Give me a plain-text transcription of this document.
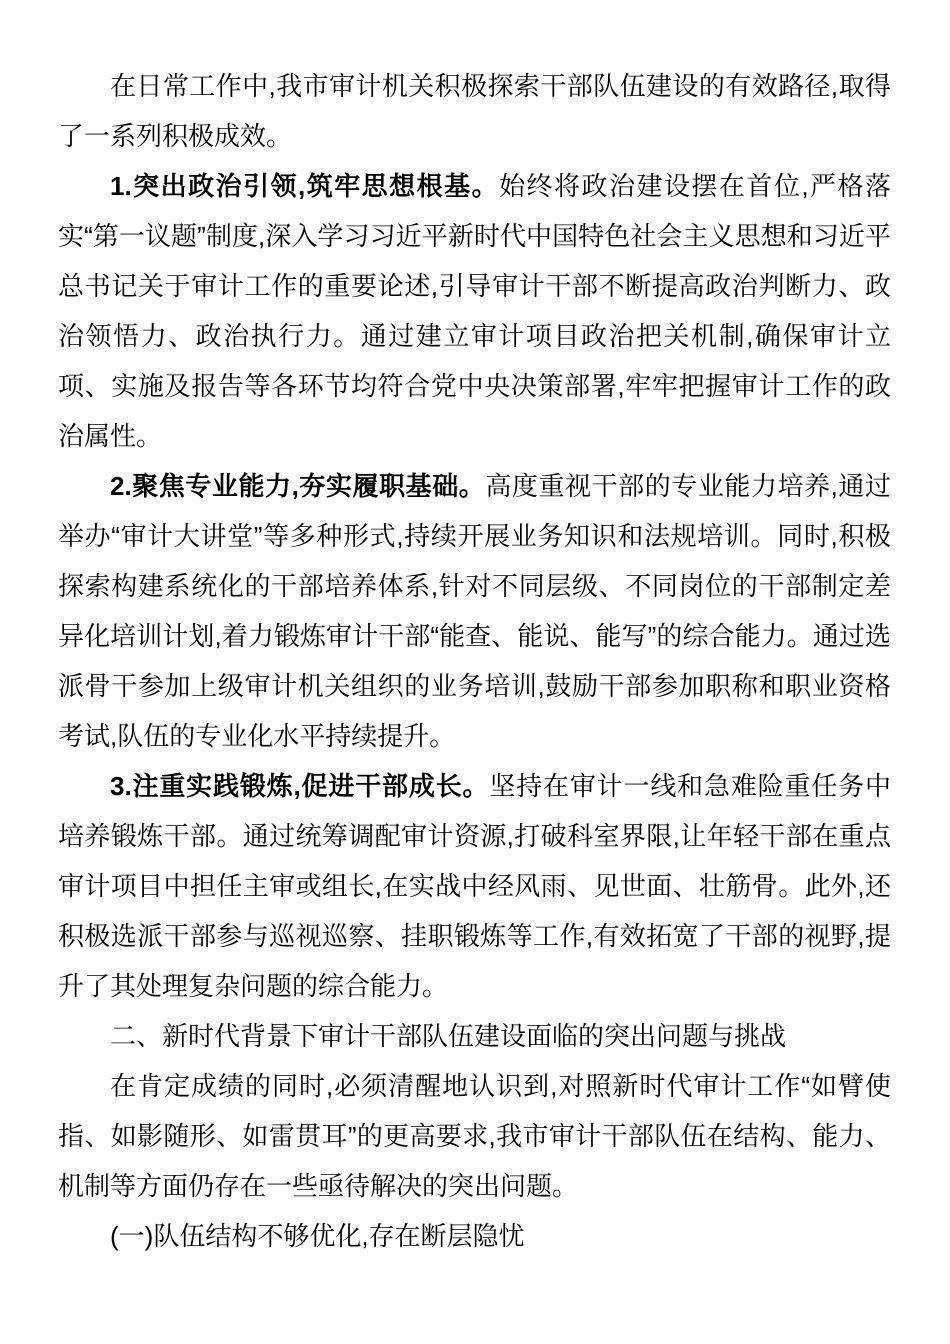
在日常工作中,我市审计机关积极探索干部队伍建设的有效路径,取得了一系列积极成效。

1.突出政治引领,筑牢思想根基。始终将政治建设摆在首位,严格落实“第一议题”制度,深入学习习近平新时代中国特色社会主义思想和习近平总书记关于审计工作的重要论述,引导审计干部不断提高政治判断力、政治领悟力、政治执行力。通过建立审计项目政治把关机制,确保审计立项、实施及报告等各环节均符合党中央决策部署,牢牢把握审计工作的政治属性。

2.聚焦专业能力,夯实履职基础。高度重视干部的专业能力培养,通过举办“审计大讲堂”等多种形式,持续开展业务知识和法规培训。同时,积极探索构建系统化的干部培养体系,针对不同层级、不同岗位的干部制定差异化培训计划,着力锻炼审计干部“能查、能说、能写”的综合能力。通过选派骨干参加上级审计机关组织的业务培训,鼓励干部参加职称和职业资格考试,队伍的专业化水平持续提升。

3.注重实践锻炼,促进干部成长。坚持在审计一线和急难险重任务中培养锻炼干部。通过统筹调配审计资源,打破科室界限,让年轻干部在重点审计项目中担任主审或组长,在实战中经风雨、见世面、壮筋骨。此外,还积极选派干部参与巡视巡察、挂职锻炼等工作,有效拓宽了干部的视野,提升了其处理复杂问题的综合能力。

二、新时代背景下审计干部队伍建设面临的突出问题与挑战

在肯定成绩的同时,必须清醒地认识到,对照新时代审计工作“如臂使指、如影随形、如雷贯耳”的更高要求,我市审计干部队伍在结构、能力、机制等方面仍存在一些亟待解决的突出问题。

(一)队伍结构不够优化,存在断层隐忧
